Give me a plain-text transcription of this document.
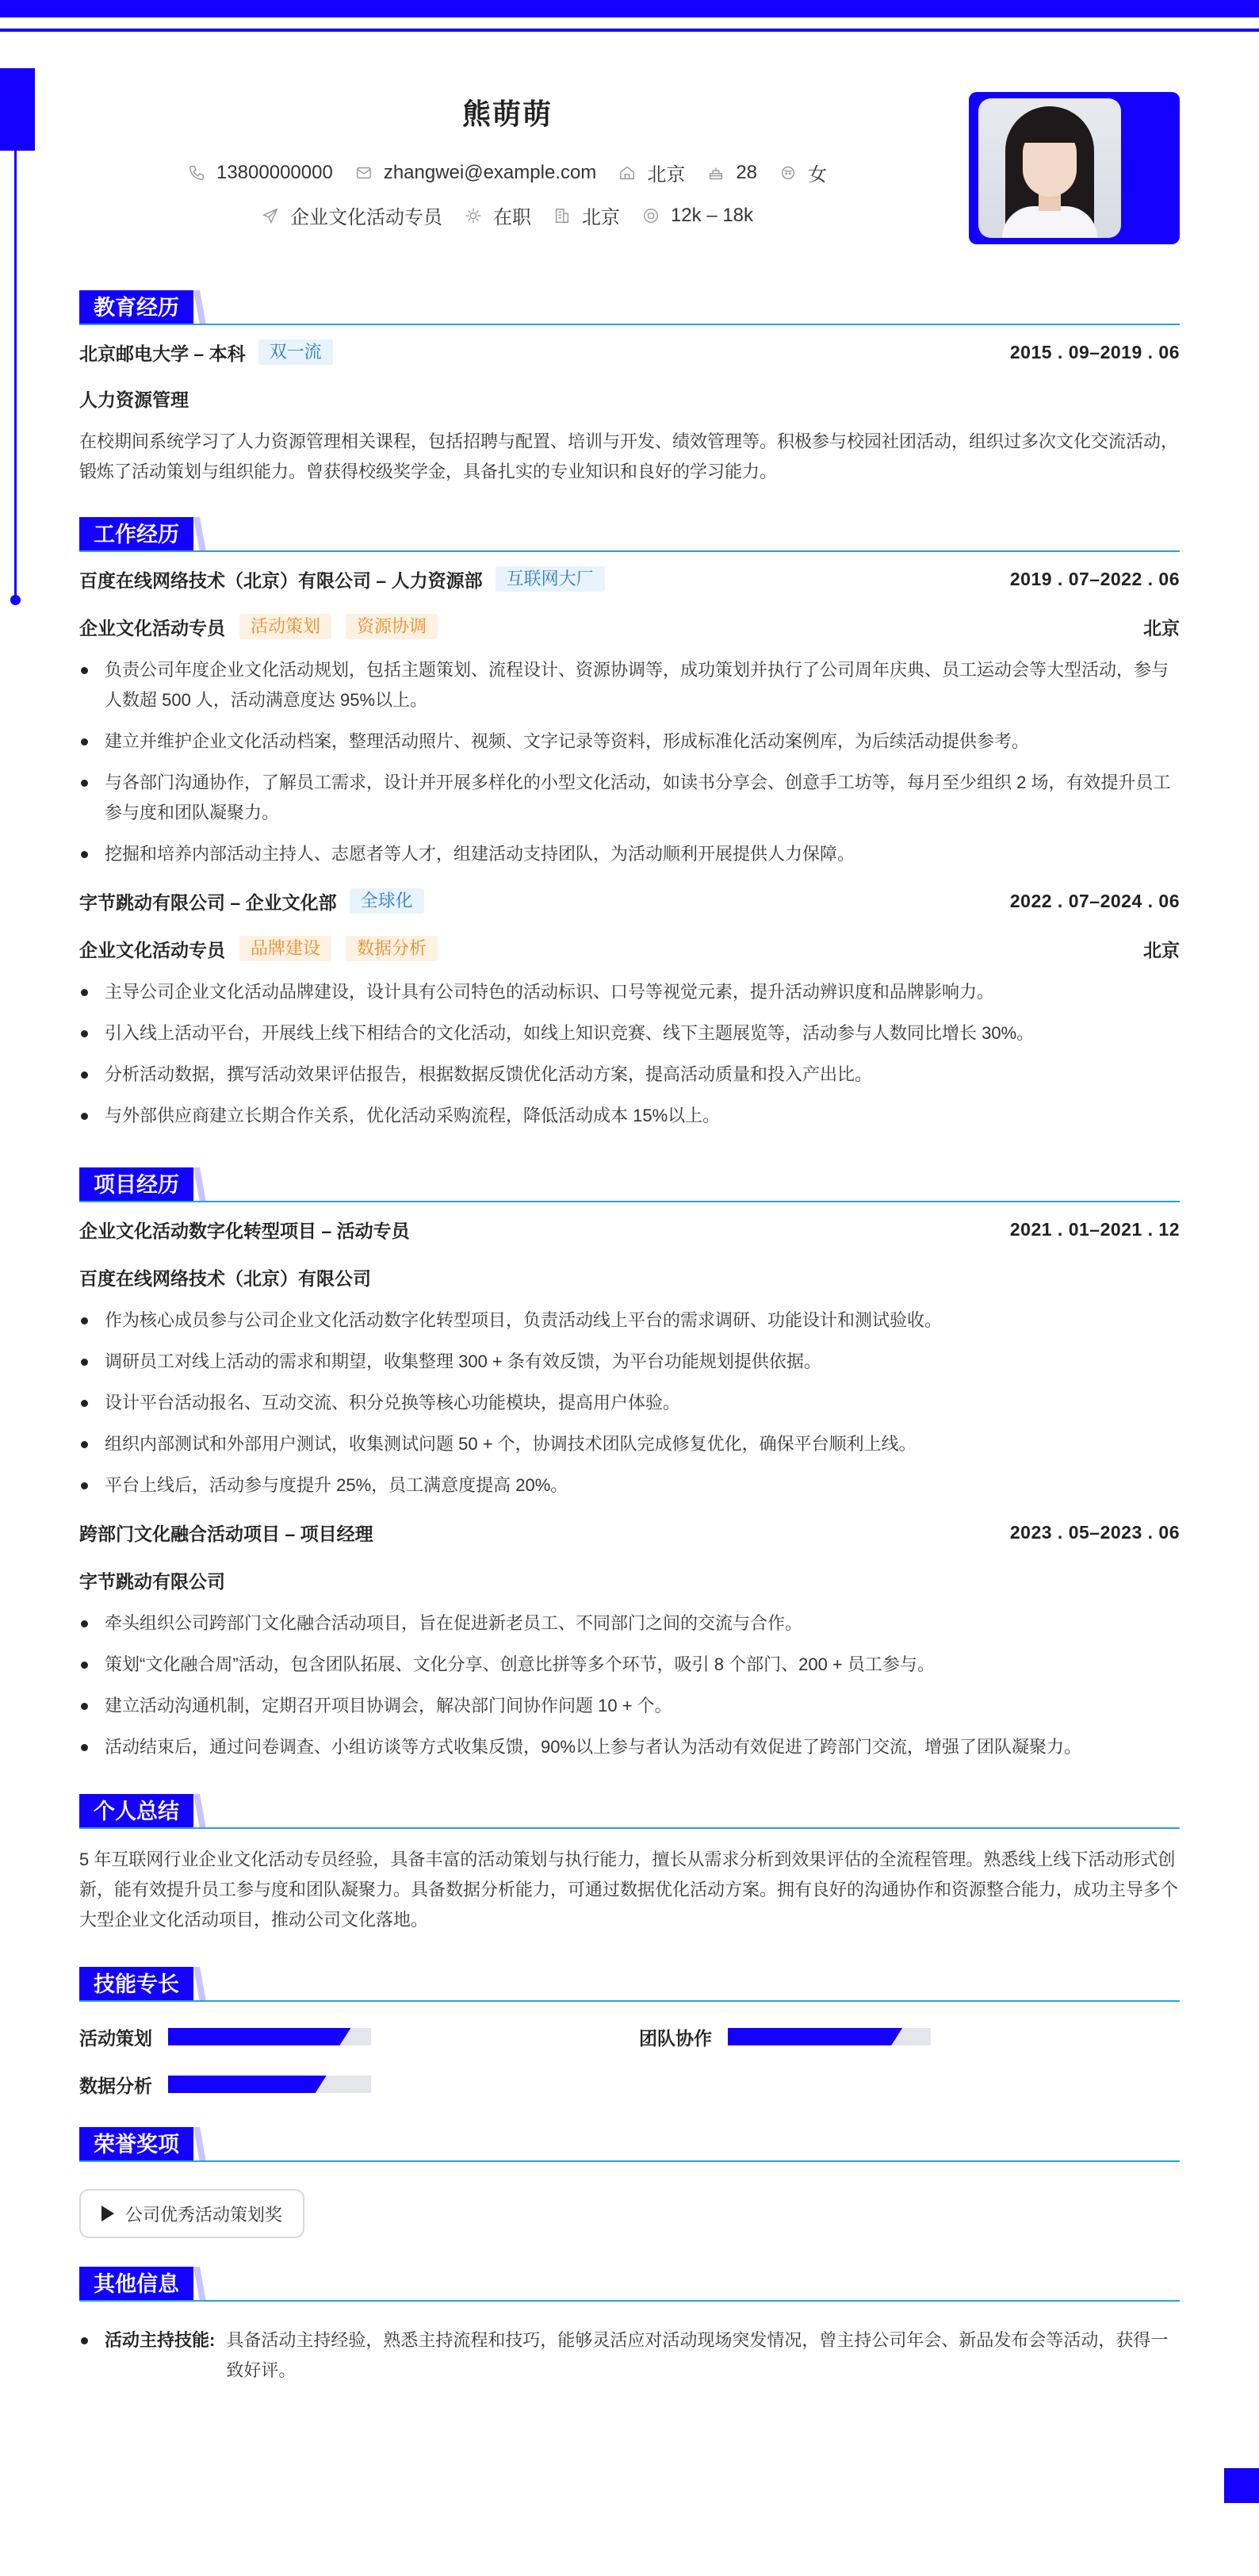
熊萌萌
13800000000	zhangwei@example.com	北京	28	女
企业文化活动专员	在职	北京	12k – 18k
教育经历
北京邮电大学 – 本科	双一流	2015 . 09–2019 . 06
人力资源管理
在校期间系统学习了人力资源管理相关课程，包括招聘与配置、培训与开发、绩效管理等。积极参与校园社团活动，组织过多次文化交流活动，锻炼了活动策划与组织能力。曾获得校级奖学金，具备扎实的专业知识和良好的学习能力。
工作经历
百度在线网络技术（北京）有限公司 – 人力资源部	互联网大厂	2019 . 07–2022 . 06
企业文化活动专员	活动策划	资源协调	北京
负责公司年度企业文化活动规划，包括主题策划、流程设计、资源协调等，成功策划并执行了公司周年庆典、员工运动会等大型活动，参与人数超 500 人，活动满意度达 95%以上。
建立并维护企业文化活动档案，整理活动照片、视频、文字记录等资料，形成标准化活动案例库，为后续活动提供参考。
与各部门沟通协作，了解员工需求，设计并开展多样化的小型文化活动，如读书分享会、创意手工坊等，每月至少组织 2 场，有效提升员工参与度和团队凝聚力。
挖掘和培养内部活动主持人、志愿者等人才，组建活动支持团队，为活动顺利开展提供人力保障。
字节跳动有限公司 – 企业文化部	全球化	2022 . 07–2024 . 06
企业文化活动专员	品牌建设	数据分析	北京
主导公司企业文化活动品牌建设，设计具有公司特色的活动标识、口号等视觉元素，提升活动辨识度和品牌影响力。
引入线上活动平台，开展线上线下相结合的文化活动，如线上知识竞赛、线下主题展览等，活动参与人数同比增长 30%。
分析活动数据，撰写活动效果评估报告，根据数据反馈优化活动方案，提高活动质量和投入产出比。
与外部供应商建立长期合作关系，优化活动采购流程，降低活动成本 15%以上。
项目经历
企业文化活动数字化转型项目 – 活动专员	2021 . 01–2021 . 12
百度在线网络技术（北京）有限公司
作为核心成员参与公司企业文化活动数字化转型项目，负责活动线上平台的需求调研、功能设计和测试验收。
调研员工对线上活动的需求和期望，收集整理 300 + 条有效反馈，为平台功能规划提供依据。
设计平台活动报名、互动交流、积分兑换等核心功能模块，提高用户体验。
组织内部测试和外部用户测试，收集测试问题 50 + 个，协调技术团队完成修复优化，确保平台顺利上线。
平台上线后，活动参与度提升 25%，员工满意度提高 20%。
跨部门文化融合活动项目 – 项目经理	2023 . 05–2023 . 06
字节跳动有限公司
牵头组织公司跨部门文化融合活动项目，旨在促进新老员工、不同部门之间的交流与合作。
策划“文化融合周”活动，包含团队拓展、文化分享、创意比拼等多个环节，吸引 8 个部门、200 + 员工参与。
建立活动沟通机制，定期召开项目协调会，解决部门间协作问题 10 + 个。
活动结束后，通过问卷调查、小组访谈等方式收集反馈，90%以上参与者认为活动有效促进了跨部门交流，增强了团队凝聚力。
个人总结
5 年互联网行业企业文化活动专员经验，具备丰富的活动策划与执行能力，擅长从需求分析到效果评估的全流程管理。熟悉线上线下活动形式创新，能有效提升员工参与度和团队凝聚力。具备数据分析能力，可通过数据优化活动方案。拥有良好的沟通协作和资源整合能力，成功主导多个大型企业文化活动项目，推动公司文化落地。
技能专长
活动策划	团队协作
数据分析
荣誉奖项
公司优秀活动策划奖
其他信息
活动主持技能: 具备活动主持经验，熟悉主持流程和技巧，能够灵活应对活动现场突发情况，曾主持公司年会、新品发布会等活动，获得一致好评。
